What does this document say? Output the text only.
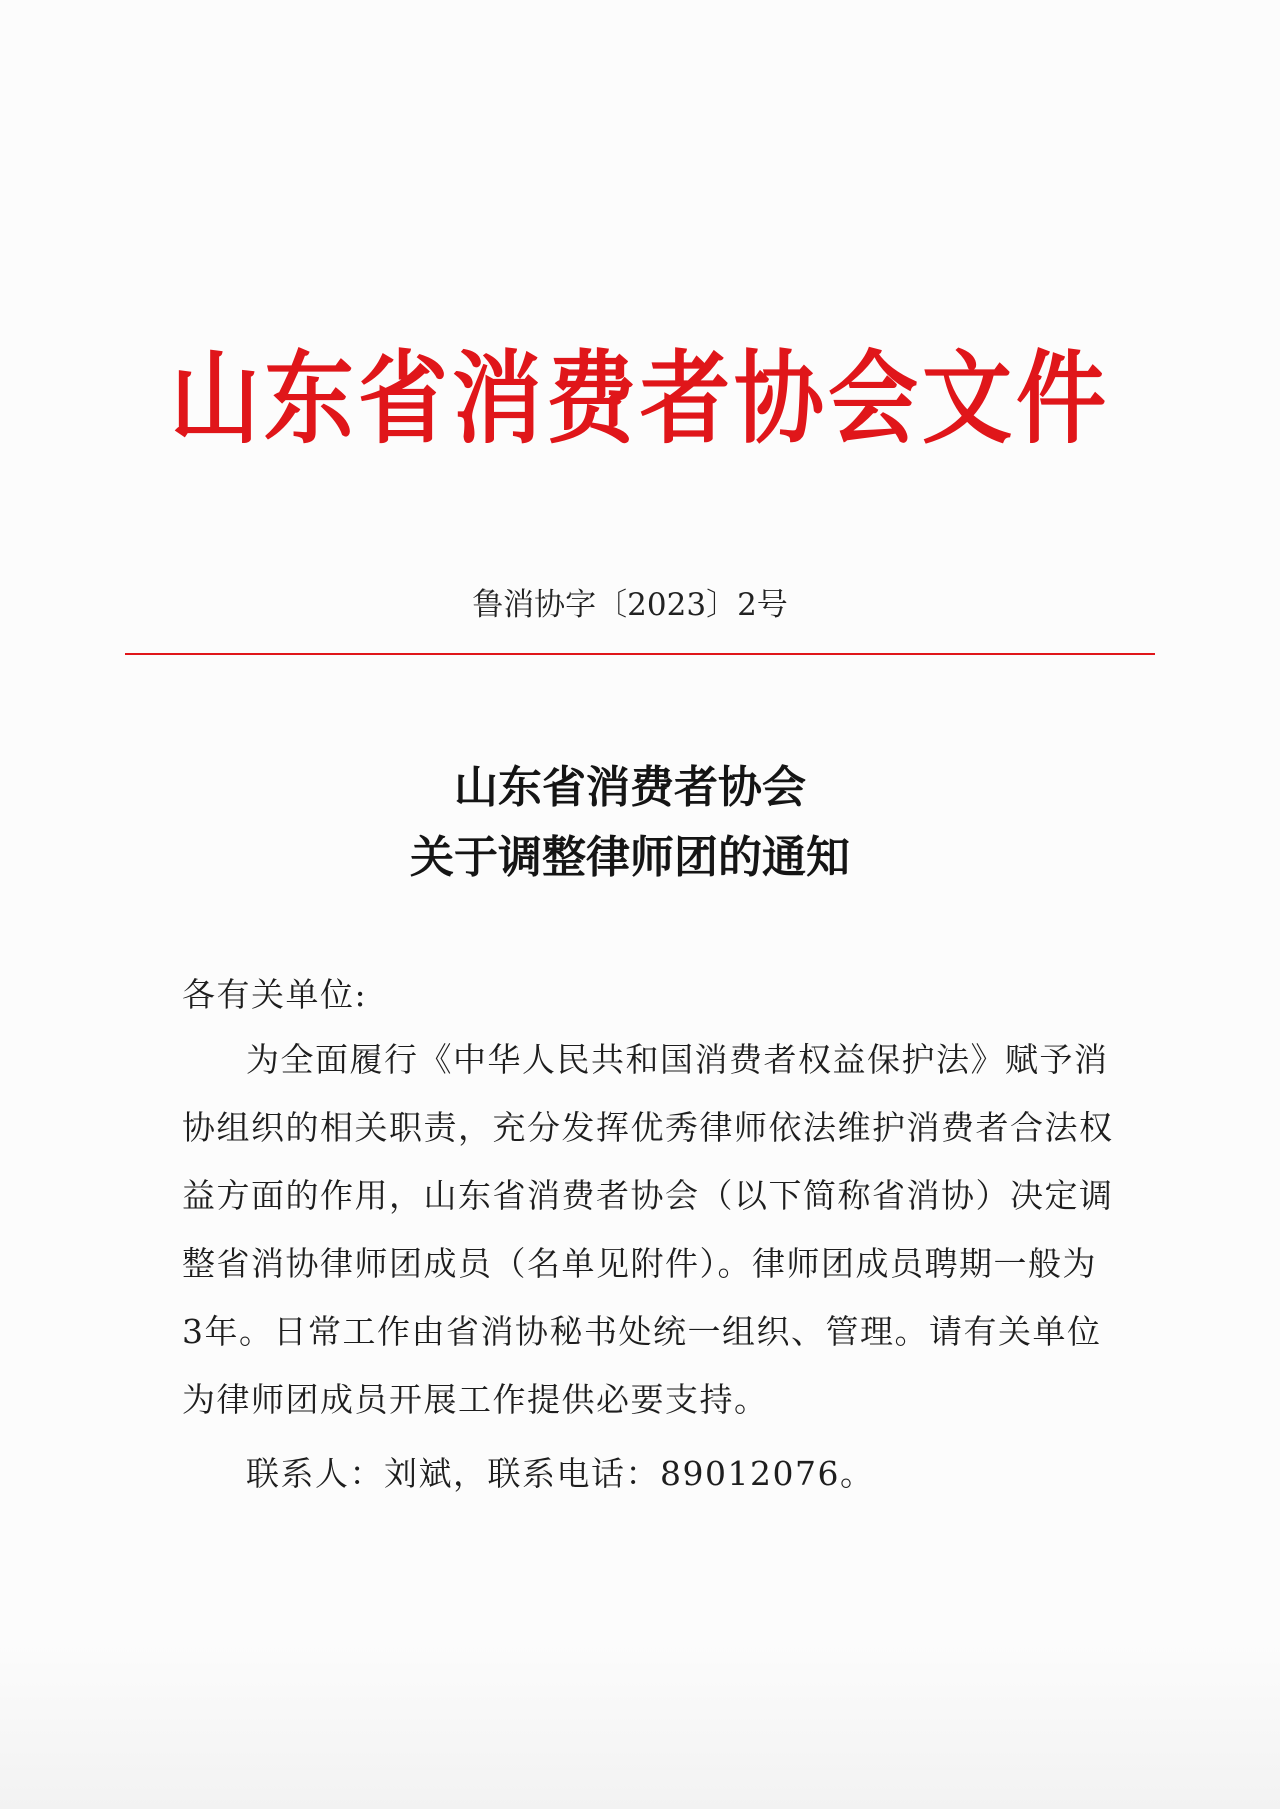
山东省消费者协会文件
鲁消协字〔2023〕2号
山东省消费者协会
关于调整律师团的通知
各有关单位:
为全面履行《中华人民共和国消费者权益保护法》赋予消
协组织的相关职责，充分发挥优秀律师依法维护消费者合法权
益方面的作用，山东省消费者协会（以下简称省消协）决定调
整省消协律师团成员（名单见附件）。律师团成员聘期一般为
3年。日常工作由省消协秘书处统一组织、管理。请有关单位
为律师团成员开展工作提供必要支持。
联系人：刘斌，联系电话：89012076。
